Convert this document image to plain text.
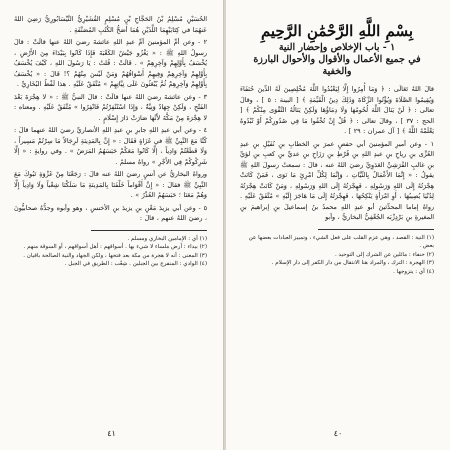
الحُسَيْنِ مُسْلِمُ بْنُ الحَجَّاجِ بْنِ مُسْلِمٍ القُشَيْرِيُّ النَّيْسَابُورِيُّ رَضِيَ اللهُ عَنهُمَا في كِتَابَيْهِمَا اللَّذَيْنِ هُمَا أَصَحُّ الكُتُبِ المُصَنَّفَةِ .

٢ - وعن أمِّ المؤمنينَ أمِّ عبدِ اللهِ عائشةَ رضيَ اللهُ عنها قالَتْ : قالَ رسولُ اللهِ ﷺ : « يَغْزُو جَيْشٌ الكَعْبَةَ فَإِذَا كَانُوا بِبَيْدَاءَ مِنَ الأَرْضِ ، يُخْسَفُ بِأَوَّلِهِمْ وَآخِرِهِمْ » . قَالَتْ : قُلتُ : يَا رَسُولَ اللهِ ، كَيْفَ يُخْسَفُ بِأَوَّلِهِمْ وَآخِرِهِمْ وَفِيهِمْ أَسْوَاقُهُمْ وَمَنْ لَيْسَ مِنْهُمْ ؟! قَالَ : « يُخْسَفُ بِأَوَّلِهِمْ وَآخِرِهِمْ ثُمَّ يُبْعَثُونَ عَلَى نِيَّاتِهِمْ » مُتَّفَقٌ عَلَيْهِ . هذا لَفْظُ البُخَارِيِّ .

٣ - وعن عائشةَ رضيَ اللهُ عنها قالَتْ : قالَ النبيُّ ﷺ : « لا هِجْرَةَ بَعْدَ الفَتْحِ ، وَلَكِنْ جِهَادٌ وَنِيَّةٌ ، وَإِذَا اسْتُنْفِرْتُمْ فَانْفِرُوا » مُتَّفَقٌ عَلَيْهِ . ومعناه : لا هِجْرَةَ مِنْ مَكَّةَ لأَنَّهَا صَارَتْ دَارَ إِسْلَامٍ .

٤ - وعن أبي عبدِ اللهِ جابرِ بنِ عبدِ اللهِ الأنصاريِّ رضيَ اللهُ عنهما قالَ : كُنَّا مَعَ النَّبِيِّ ﷺ في غَزَاةٍ فَقَالَ : « إِنَّ بِالمَدِينَةِ لَرِجَالاً مَا سِرْتُمْ مَسِيراً ، وَلَا قَطَعْتُمْ وَادِياً ، إلَّا كَانُوا مَعَكُمْ حَبَسَهُمُ المَرَضُ » . وفي روايةٍ : « إلَّا شَرِكُوكُمْ فِي الأَجْرِ » رواهُ مسلمٌ .

ورواهُ البخاريُّ عن أنسٍ رضيَ اللهُ عنه قالَ : رَجَعْنَا مِنْ غَزْوَةِ تَبُوكَ مَعَ النَّبِيِّ ﷺ فقالَ : « إِنَّ أَقْوَاماً خَلْفَنَا بِالمَدِينَةِ مَا سَلَكْنَا شِعْباً وَلَا وَادِياً إِلَّا وَهُمْ مَعَنَا ؛ حَبَسَهُمُ العُذْرُ » .

٥ - وعن أبي يزيدَ مَعْنِ بنِ يزيدَ بنِ الأخنسِ ، وهو وأبوه وجدُّهُ صحابيُّونَ ، رضيَ اللهُ عنهم ، قالَ :

(١) أي : الإمامين البخاري ومسلم .

(٢) بيداء : أرض ملساء لا شيء بها . أسواقهم : أهل أسواقهم ، أو السوقة منهم .

(٣) المعنى : أنه لا هجرة من مكة بعد فتحها ، ولكن الجهاد والنية الصالحة باقيان .

(٤) الوادي : المنفرج بين الجبلين . شِعْب : الطريق في الجبل .

٤١
بِسْمِ اللَّهِ الرَّحْمَٰنِ الرَّحِيمِ
١ - باب الإخلاص وإحضار النية
في جميع الأعمال والأقوال والأحوال البارزة والخفية

قالَ اللهُ تَعَالَى : ﴿ وَمَا أُمِرُوا إِلَّا لِيَعْبُدُوا اللَّهَ مُخْلِصِينَ لَهُ الدِّينَ حُنَفَاءَ وَيُقِيمُوا الصَّلَاةَ وَيُؤْتُوا الزَّكَاةَ وَذَلِكَ دِينُ الْقَيِّمَةِ ﴾ [ البينة : ٥ ] ، وقالَ تعالى : ﴿ لَنْ يَنَالَ اللَّهَ لُحُومُهَا وَلَا دِمَاؤُهَا وَلَكِنْ يَنَالُهُ التَّقْوَى مِنْكُمْ ﴾ [ الحج : ٣٧ ] ، وقالَ تعالى : ﴿ قُلْ إِنْ تُخْفُوا مَا فِي صُدُورِكُمْ أَوْ تُبْدُوهُ يَعْلَمْهُ اللَّهُ ﴾ [ آل عمران : ٢٩ ] .

١ - وعن أميرِ المؤمنينَ أبي حفصٍ عمرَ بنِ الخطابِ بنِ نُفَيْلِ بنِ عبدِ العُزَّى بنِ رياحِ بنِ عبدِ اللهِ بنِ قُرْطِ بنِ رَزَاحِ بنِ عديِّ بنِ كعبِ بنِ لؤيِّ بنِ غالبٍ القُرَشِيِّ العَدَوِيِّ رضيَ اللهُ عنه ، قالَ : سمعتُ رسولَ اللهِ ﷺ يقولُ : « إِنَّمَا الأَعْمَالُ بِالنِّيَّاتِ ، وَإِنَّمَا لِكُلِّ امْرِئٍ مَا نَوَى ، فَمَنْ كَانَتْ هِجْرَتُهُ إِلَى اللهِ وَرَسُولِهِ ، فَهِجْرَتُهُ إِلَى اللهِ وَرَسُولِهِ ، وَمَنْ كَانَتْ هِجْرَتُهُ لِدُنْيَا يُصِيبُهَا ، أَوِ امْرَأَةٍ يَنْكِحُهَا ، فَهِجْرَتُهُ إِلَى مَا هَاجَرَ إِلَيْهِ » مُتَّفَقٌ عَلَيْهِ . رواهُ إماما المحدِّثينَ أبو عبدِ اللهِ محمدُ بنُ إسماعيلَ بنِ إبراهيمَ بنِ المغيرةِ بنِ بَرْدِزْبَه الجُعْفِيُّ البخاريُّ ، وأبو

(١) النية : القصد ، وهي عزم القلب على فعل الشيء ، وتمييز العبادات بعضها عن بعض .

(٢) حنفاء : مائلين عن الشرك إلى التوحيد .

(٣) الهجرة : الترك ، والمراد هنا الانتقال من دار الكفر إلى دار الإسلام .

(٤) أي : يتزوجها .

٤٠
